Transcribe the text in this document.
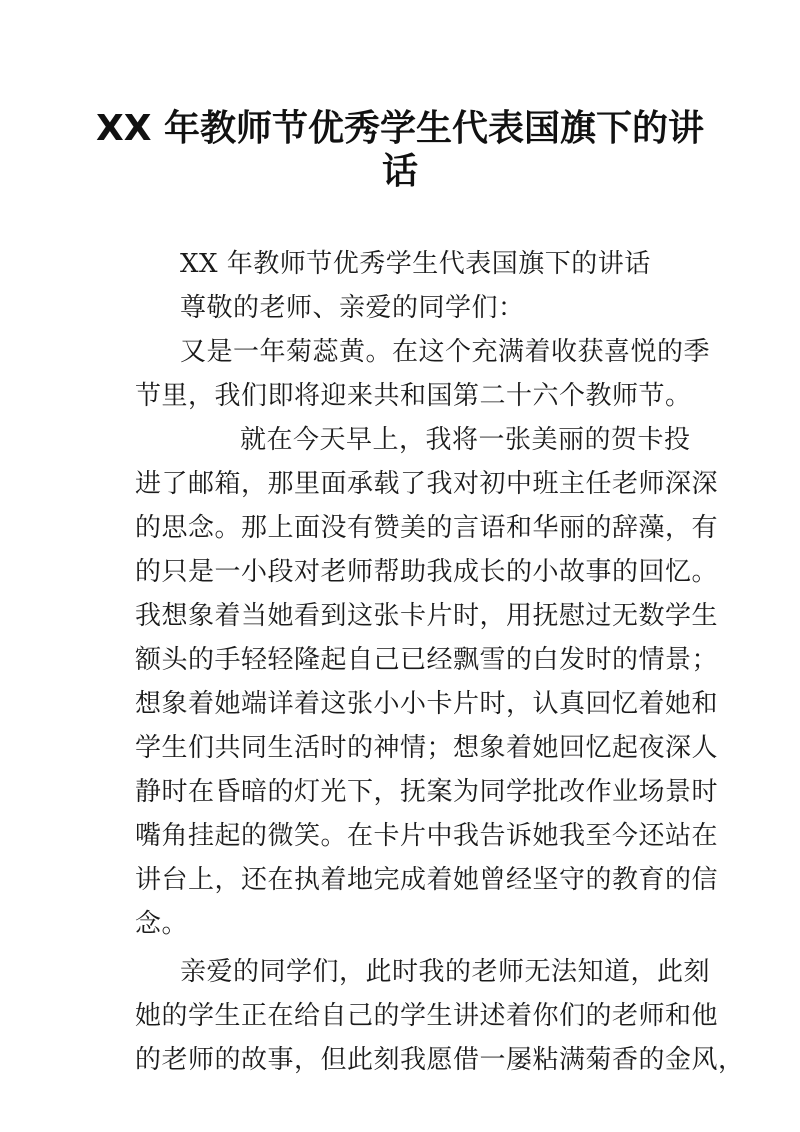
XX 年教师节优秀学生代表国旗下的讲
话
XX 年教师节优秀学生代表国旗下的讲话
尊敬的老师、亲爱的同学们：
又是一年菊蕊黄。在这个充满着收获喜悦的季
节里，我们即将迎来共和国第二十六个教师节。
就在今天早上，我将一张美丽的贺卡投
进了邮箱，那里面承载了我对初中班主任老师深深
的思念。那上面没有赞美的言语和华丽的辞藻，有
的只是一小段对老师帮助我成长的小故事的回忆。
我想象着当她看到这张卡片时，用抚慰过无数学生
额头的手轻轻隆起自己已经飘雪的白发时的情景；
想象着她端详着这张小小卡片时，认真回忆着她和
学生们共同生活时的神情；想象着她回忆起夜深人
静时在昏暗的灯光下，抚案为同学批改作业场景时
嘴角挂起的微笑。在卡片中我告诉她我至今还站在
讲台上，还在执着地完成着她曾经坚守的教育的信
念。
亲爱的同学们，此时我的老师无法知道，此刻
她的学生正在给自己的学生讲述着你们的老师和他
的老师的故事，但此刻我愿借一屡粘满菊香的金风，
